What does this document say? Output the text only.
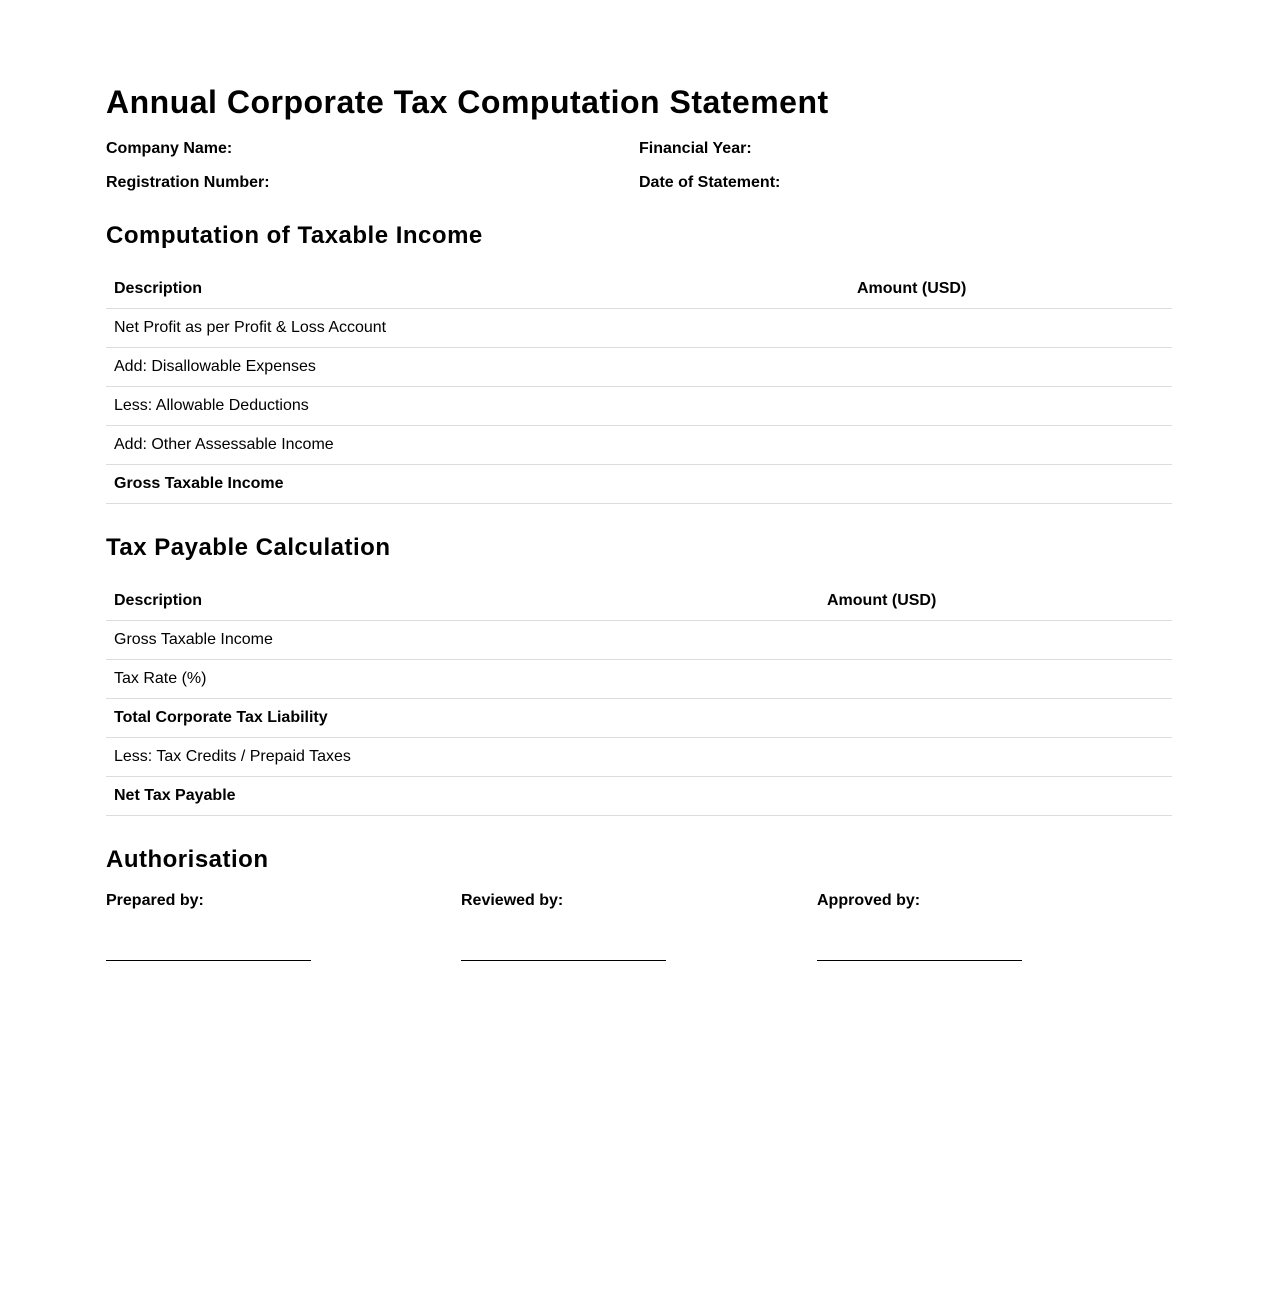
Annual Corporate Tax Computation Statement
Company Name:	Financial Year:
Registration Number:	Date of Statement:
Computation of Taxable Income
Description	Amount (USD)
Net Profit as per Profit & Loss Account	
Add: Disallowable Expenses	
Less: Allowable Deductions	
Add: Other Assessable Income	
Gross Taxable Income	
Tax Payable Calculation
Description	Amount (USD)
Gross Taxable Income	
Tax Rate (%)	
Total Corporate Tax Liability	
Less: Tax Credits / Prepaid Taxes	
Net Tax Payable	
Authorisation
Prepared by:	Reviewed by:	Approved by:
